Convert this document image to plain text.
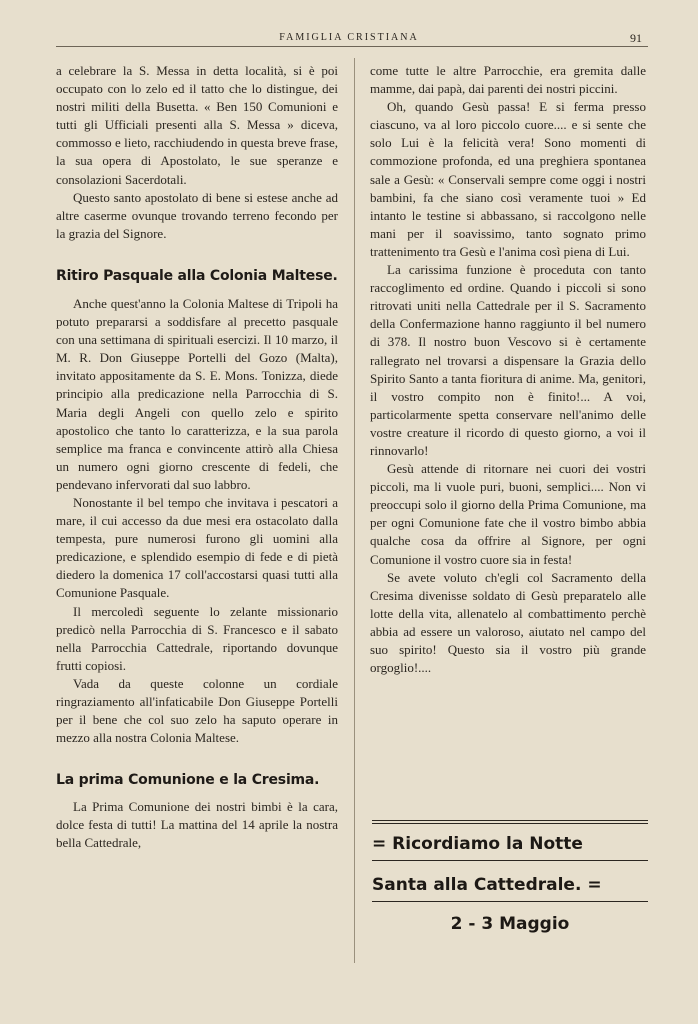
FAMIGLIA CRISTIANA	91

a celebrare la S. Messa in detta località, si è poi occupato con lo zelo ed il tatto che lo distingue, dei nostri militi della Busetta. « Ben 150 Comunioni e tutti gli Ufficiali presenti alla S. Messa » diceva, commosso e lieto, racchiudendo in questa breve frase, la sua opera di Apostolato, le sue speranze e consolazioni Sacerdotali.

Questo santo apostolato di bene si estese anche ad altre caserme ovunque trovando terreno fecondo per la grazia del Signore.

Ritiro Pasquale alla Colonia Maltese.

Anche quest'anno la Colonia Maltese di Tripoli ha potuto prepararsi a soddisfare al precetto pasquale con una settimana di spirituali esercizi. Il 10 marzo, il M. R. Don Giuseppe Portelli del Gozo (Malta), invitato appositamente da S. E. Mons. Tonizza, diede principio alla predicazione nella Parrocchia di S. Maria degli Angeli con quello zelo e spirito apostolico che tanto lo caratterizza, e la sua parola semplice ma franca e convincente attirò alla Chiesa un numero ogni giorno crescente di fedeli, che pendevano infervorati dal suo labbro.

Nonostante il bel tempo che invitava i pescatori a mare, il cui accesso da due mesi era ostacolato dalla tempesta, pure numerosi furono gli uomini alla predicazione, e splendido esempio di fede e di pietà diedero la domenica 17 coll'accostarsi quasi tutti alla Comunione Pasquale.

Il mercoledì seguente lo zelante missionario predicò nella Parrocchia di S. Francesco e il sabato nella Parrocchia Cattedrale, riportando dovunque frutti copiosi.

Vada da queste colonne un cordiale ringraziamento all'infaticabile Don Giuseppe Portelli per il bene che col suo zelo ha saputo operare in mezzo alla nostra Colonia Maltese.

La prima Comunione e la Cresima.

La Prima Comunione dei nostri bimbi è la cara, dolce festa di tutti! La mattina del 14 aprile la nostra bella Cattedrale,

come tutte le altre Parrocchie, era gremita dalle mamme, dai papà, dai parenti dei nostri piccini.

Oh, quando Gesù passa! E si ferma presso ciascuno, va al loro piccolo cuore.... e si sente che solo Lui è la felicità vera! Sono momenti di commozione profonda, ed una preghiera spontanea sale a Gesù: « Conservali sempre come oggi i nostri bambini, fa che siano così veramente tuoi » Ed intanto le testine si abbassano, si raccolgono nelle mani per il soavissimo, tanto sognato primo trattenimento tra Gesù e l'anima così piena di Lui.

La carissima funzione è proceduta con tanto raccoglimento ed ordine. Quando i piccoli si sono ritrovati uniti nella Cattedrale per il S. Sacramento della Confermazione hanno raggiunto il bel numero di 378. Il nostro buon Vescovo si è certamente rallegrato nel trovarsi a dispensare la Grazia dello Spirito Santo a tanta fioritura di anime. Ma, genitori, il vostro compito non è finito!... A voi, particolarmente spetta conservare nell'animo delle vostre creature il ricordo di questo giorno, a voi il rinnovarlo!

Gesù attende di ritornare nei cuori dei vostri piccoli, ma li vuole puri, buoni, semplici.... Non vi preoccupi solo il giorno della Prima Comunione, ma per ogni Comunione fate che il vostro bimbo abbia qualche cosa da offrire al Signore, per ogni Comunione il vostro cuore sia in festa!

Se avete voluto ch'egli col Sacramento della Cresima divenisse soldato di Gesù preparatelo alle lotte della vita, allenatelo al combattimento perchè abbia ad essere un valoroso, aiutato nel campo del suo spirito! Questo sia il vostro più grande orgoglio!....

= Ricordiamo la Notte
Santa alla Cattedrale. =
2 - 3 Maggio
